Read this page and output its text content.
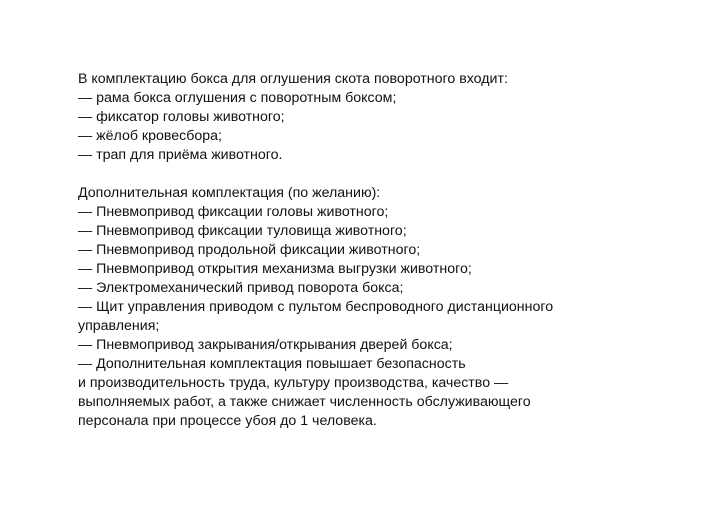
В комплектацию бокса для оглушения скота поворотного входит:
— рама бокса оглушения с поворотным боксом;
— фиксатор головы животного;
— жёлоб кровесбора;
— трап для приёма животного.
Дополнительная комплектация (по желанию):
— Пневмопривод фиксации головы животного;
— Пневмопривод фиксации туловища животного;
— Пневмопривод продольной фиксации животного;
— Пневмопривод открытия механизма выгрузки животного;
— Электромеханический привод поворота бокса;
— Щит управления приводом с пультом беспроводного дистанционного
управления;
— Пневмопривод закрывания/открывания дверей бокса;
— Дополнительная комплектация повышает безопасность
и производительность труда, культуру производства, качество —
выполняемых работ, а также снижает численность обслуживающего
персонала при процессе убоя до 1 человека.
